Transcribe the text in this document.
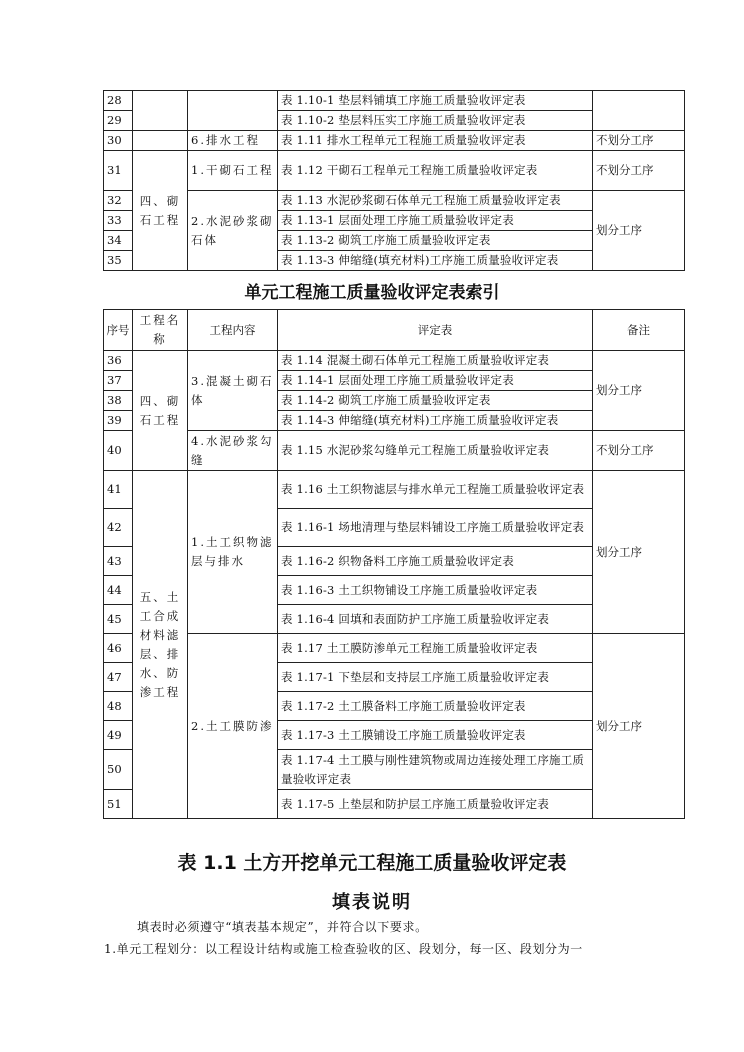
28			表 1.10-1 垫层料铺填工序施工质量验收评定表	
29			表 1.10-2 垫层料压实工序施工质量验收评定表	
30		6.排水工程	表 1.11 排水工程单元工程施工质量验收评定表	不划分工序
31	四、砌石工程	1.干砌石工程	表 1.12 干砌石工程单元工程施工质量验收评定表	不划分工序
32		2.水泥砂浆砌石体	表 1.13 水泥砂浆砌石体单元工程施工质量验收评定表	划分工序
33			表 1.13-1 层面处理工序施工质量验收评定表	
34			表 1.13-2 砌筑工序施工质量验收评定表	
35			表 1.13-3 伸缩缝(填充材料)工序施工质量验收评定表	
单元工程施工质量验收评定表索引
序号	工程名称	工程内容	评定表	备注
36	四、砌石工程	3.混凝土砌石体	表 1.14 混凝土砌石体单元工程施工质量验收评定表	划分工序
37			表 1.14-1 层面处理工序施工质量验收评定表	
38			表 1.14-2 砌筑工序施工质量验收评定表	
39			表 1.14-3 伸缩缝(填充材料)工序施工质量验收评定表	
40		4.水泥砂浆勾缝	表 1.15 水泥砂浆勾缝单元工程施工质量验收评定表	不划分工序
41	五、土工合成材料滤层、排水、防渗工程	1.土工织物滤层与排水	表 1.16 土工织物滤层与排水单元工程施工质量验收评定表	划分工序
42			表 1.16-1 场地清理与垫层料铺设工序施工质量验收评定表	
43			表 1.16-2 织物备料工序施工质量验收评定表	
44			表 1.16-3 土工织物铺设工序施工质量验收评定表	
45			表 1.16-4 回填和表面防护工序施工质量验收评定表	
46		2.土工膜防渗	表 1.17 土工膜防渗单元工程施工质量验收评定表	划分工序
47			表 1.17-1 下垫层和支持层工序施工质量验收评定表	
48			表 1.17-2 土工膜备料工序施工质量验收评定表	
49			表 1.17-3 土工膜铺设工序施工质量验收评定表	
50			表 1.17-4 土工膜与刚性建筑物或周边连接处理工序施工质量验收评定表	
51			表 1.17-5 上垫层和防护层工序施工质量验收评定表	
表 1.1 土方开挖单元工程施工质量验收评定表
填表说明
填表时必须遵守“填表基本规定”，并符合以下要求。
1.单元工程划分：以工程设计结构或施工检查验收的区、段划分，每一区、段划分为一
